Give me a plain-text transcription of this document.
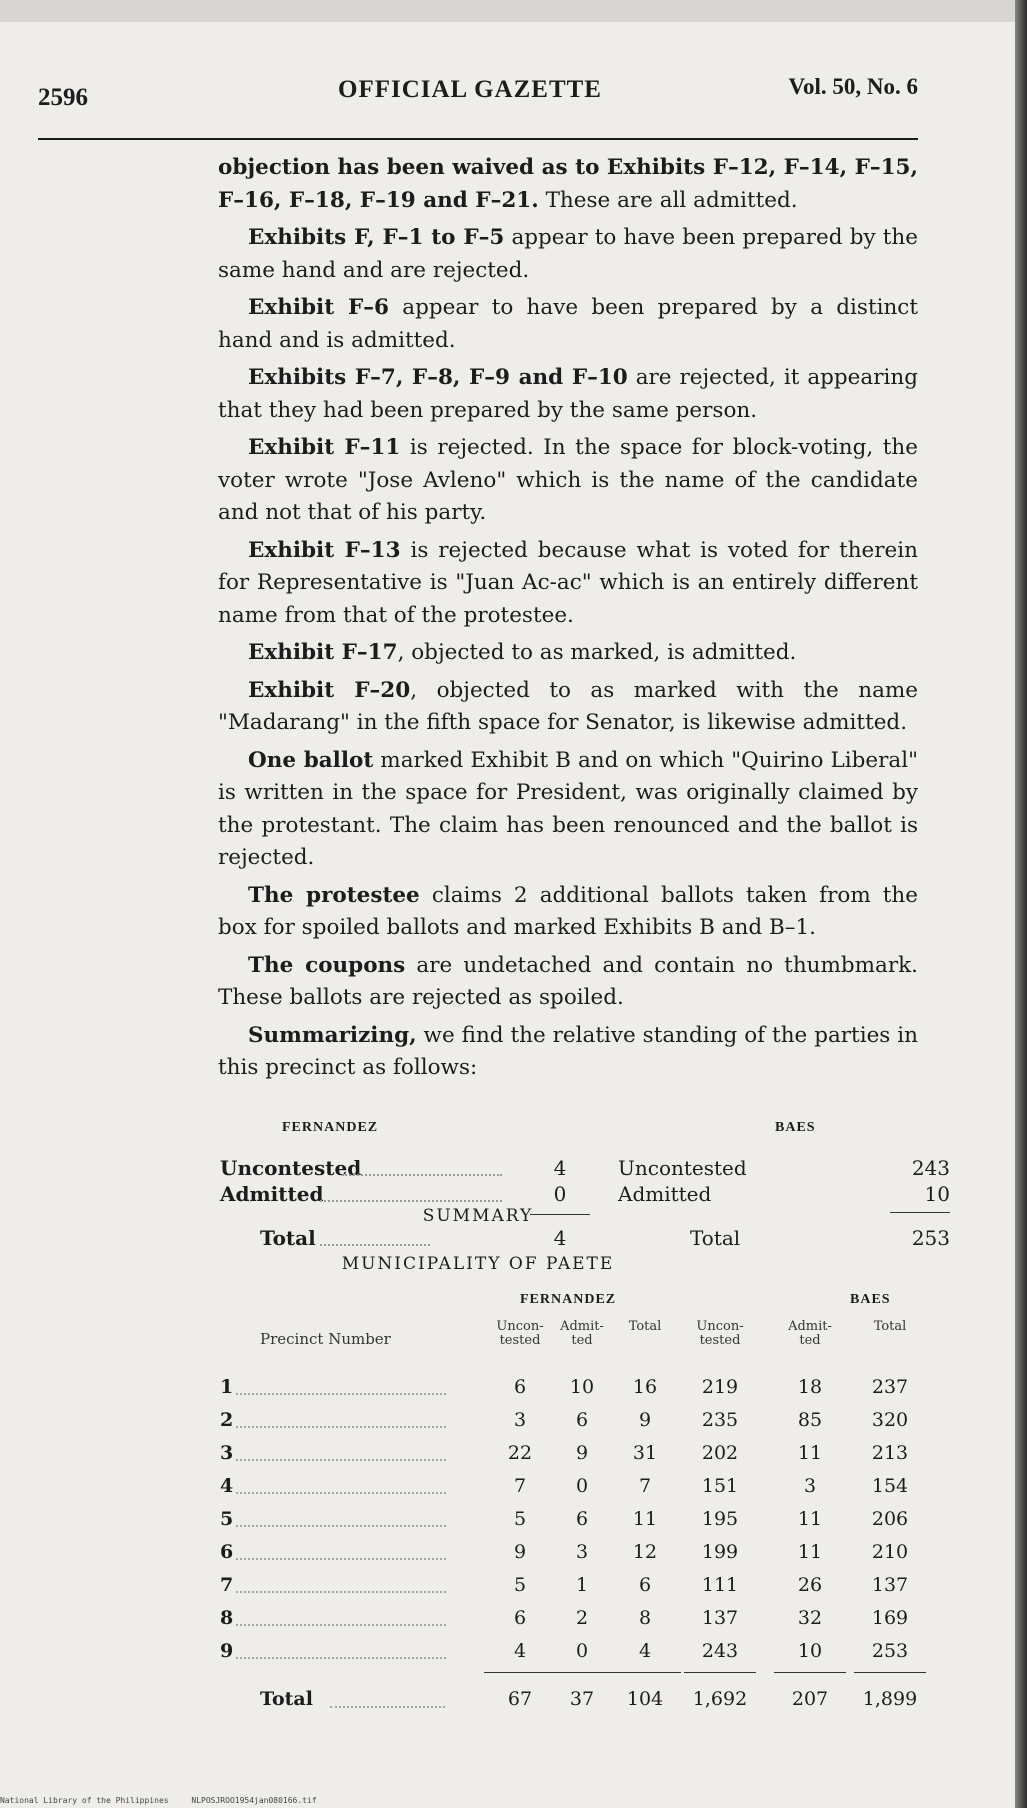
2596	OFFICIAL GAZETTE	Vol. 50, No. 6

objection has been waived as to Exhibits F–12, F–14, F–15, F–16, F–18, F–19 and F–21. These are all admitted.

Exhibits F, F–1 to F–5 appear to have been prepared by the same hand and are rejected.

Exhibit F–6 appear to have been prepared by a distinct hand and is admitted.

Exhibits F–7, F–8, F–9 and F–10 are rejected, it appearing that they had been prepared by the same person.

Exhibit F–11 is rejected. In the space for block-voting, the voter wrote "Jose Avleno" which is the name of the candidate and not that of his party.

Exhibit F–13 is rejected because what is voted for therein for Representative is "Juan Ac-ac" which is an entirely different name from that of the protestee.

Exhibit F–17, objected to as marked, is admitted.

Exhibit F–20, objected to as marked with the name "Madarang" in the fifth space for Senator, is likewise admitted.

One ballot marked Exhibit B and on which "Quirino Liberal" is written in the space for President, was originally claimed by the protestant. The claim has been renounced and the ballot is rejected.

The protestee claims 2 additional ballots taken from the box for spoiled ballots and marked Exhibits B and B–1.

The coupons are undetached and contain no thumbmark. These ballots are rejected as spoiled.

Summarizing, we find the relative standing of the parties in this precinct as follows:

FERNANDEZ	BAES
Uncontested	4	Uncontested	243
Admitted	0	Admitted	10
Total	4	Total	253
SUMMARY
MUNICIPALITY OF PAETE
FERNANDEZ	BAES
Precinct Number
Uncon-
tested
Admit-
ted
Total	Uncon-
tested
Admit-
ted
Total
1	6	10	16	219	18	237
2	3	6	9	235	85	320
3	22	9	31	202	11	213
4	7	0	7	151	3	154
5	5	6	11	195	11	206
6	9	3	12	199	11	210
7	5	1	6	111	26	137
8	6	2	8	137	32	169
9	4	0	4	243	10	253
Total	67	37	104	1,692	207	1,899
National Library of the Philippines	NLPOSJROO1954jan080166.tif
